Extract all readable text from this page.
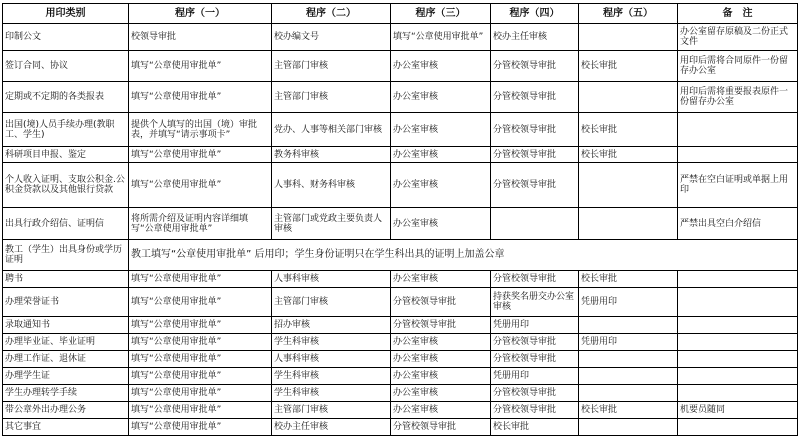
用印类别	程序（一）	程序（二）	程序（三）	程序（四）	程序（五）	备　注
印制公文	校领导审批	校办编文号	填写“公章使用审批单”	校办主任审核		办公室留存原稿及二份正式文件
签订合同、协议	填写“公章使用审批单”	主管部门审核	办公室审核	分管校领导审批	校长审批	用印后需将合同原件一份留存办公室
定期或不定期的各类报表	填写“公章使用审批单”	主管部门审核	办公室审核	分管校领导审批		用印后需将重要报表原件一份留存办公室
出国(境)人员手续办理(教职工、学生)	提供个人填写的出国（境）审批表，并填写“请示事项卡”	党办、人事等相关部门审核	办公室审核	分管校领导审批	校长审批	
科研项目申报、鉴定	填写“公章使用审批单”	教务科审核	办公室审核	分管校领导审批	校长审批	
个人收入证明、支取公积金.公积金贷款以及其他银行贷款	填写“公章使用审批单”	人事科、财务科审核	办公室审核	分管校领导审批		严禁在空白证明或单据上用印
出具行政介绍信、证明信	将所需介绍及证明内容详细填写“公章使用审批单”	主管部门或党政主要负责人审核	办公室审核			严禁出具空白介绍信
教工（学生）出具身份或学历证明	教工填写“公章使用审批单” 后用印；学生身份证明只在学生科出具的证明上加盖公章					
聘书	填写“公章使用审批单”	人事科审核	办公室审核	分管校领导审批	校长审批	
办理荣誉证书	填写“公章使用审批单”	主管部门审核	分管校领导审批	持获奖名册交办公室审核	凭册用印	
录取通知书	填写“公章使用审批单”	招办审核	分管校领导审批	凭册用印		
办理毕业证、毕业证明	填写“公章使用审批单”	学生科审核	办公室审核	分管校领导审批	凭册用印	
办理工作证、退休证	填写“公章使用审批单”	人事科审核	办公室审核	分管校领导审批		
办理学生证	填写“公章使用审批单”	学生科审核	办公室审核	凭册用印		
学生办理转学手续	填写“公章使用审批单”	学生科审核	办公室审核	分管校领导审批		
带公章外出办理公务	填写“公章使用审批单”	主管部门审核	办公室审核	分管校领导审批	校长审批	机要员随同
其它事宜	填写“公章使用审批单”	校办主任审核	分管校领导审批	校长审批		
